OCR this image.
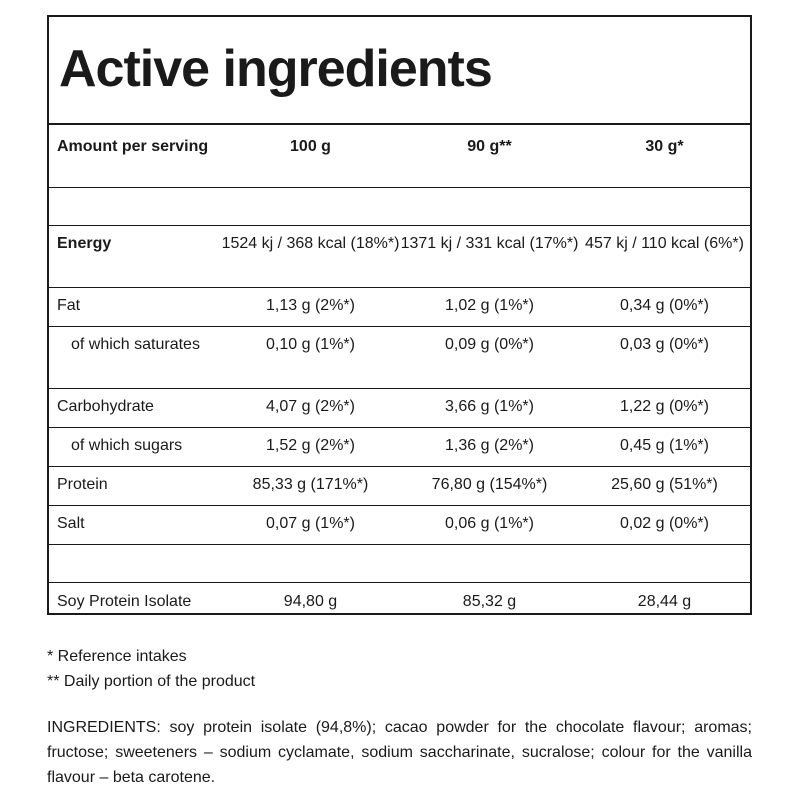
Active ingredients
Amount per serving	100 g	90 g**	30 g*

Energy	1524 kj / 368 kcal (18%*)	1371 kj / 331 kcal (17%*)	457 kj / 110 kcal (6%*)
Fat	1,13 g (2%*)	1,02 g (1%*)	0,34 g (0%*)
of which saturates	0,10 g (1%*)	0,09 g (0%*)	0,03 g (0%*)
Carbohydrate	4,07 g (2%*)	3,66 g (1%*)	1,22 g (0%*)
of which sugars	1,52 g (2%*)	1,36 g (2%*)	0,45 g (1%*)
Protein	85,33 g (171%*)	76,80 g (154%*)	25,60 g (51%*)
Salt	0,07 g (1%*)	0,06 g (1%*)	0,02 g (0%*)

Soy Protein Isolate	94,80 g	85,32 g	28,44 g
* Reference intakes
** Daily portion of the product
INGREDIENTS: soy protein isolate (94,8%); cacao powder for the chocolate flavour; aromas; fructose; sweeteners – sodium cyclamate, sodium saccharinate, sucralose; colour for the vanilla flavour – beta carotene.
